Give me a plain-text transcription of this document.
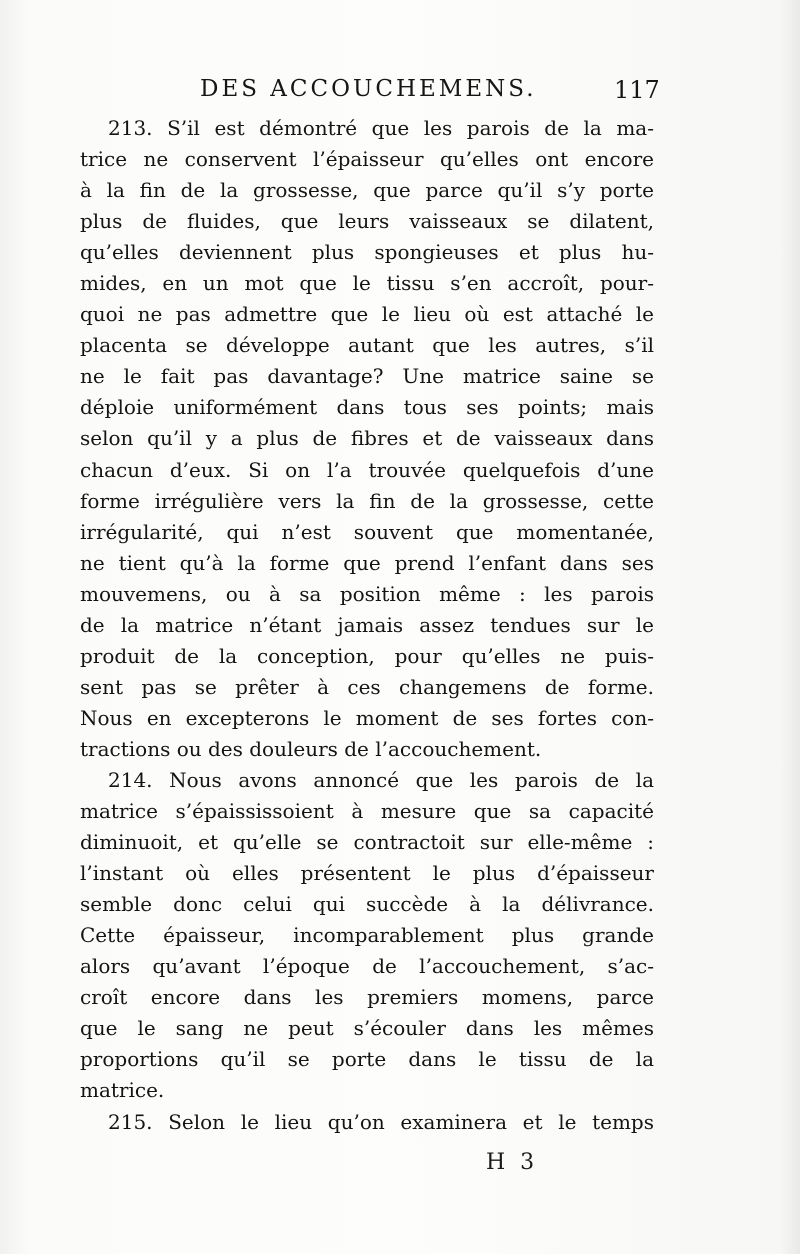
DES ACCOUCHEMENS.	117
213. S’il est démontré que les parois de la ma-
trice ne conservent l’épaisseur qu’elles ont encore
à la fin de la grossesse, que parce qu’il s’y porte
plus de fluides, que leurs vaisseaux se dilatent,
qu’elles deviennent plus spongieuses et plus hu-
mides, en un mot que le tissu s’en accroît, pour-
quoi ne pas admettre que le lieu où est attaché le
placenta se développe autant que les autres, s’il
ne le fait pas davantage? Une matrice saine se
déploie uniformément dans tous ses points; mais
selon qu’il y a plus de fibres et de vaisseaux dans
chacun d’eux. Si on l’a trouvée quelquefois d’une
forme irrégulière vers la fin de la grossesse, cette
irrégularité, qui n’est souvent que momentanée,
ne tient qu’à la forme que prend l’enfant dans ses
mouvemens, ou à sa position même : les parois
de la matrice n’étant jamais assez tendues sur le
produit de la conception, pour qu’elles ne puis-
sent pas se prêter à ces changemens de forme.
Nous en excepterons le moment de ses fortes con-
tractions ou des douleurs de l’accouchement.
214. Nous avons annoncé que les parois de la
matrice s’épaississoient à mesure que sa capacité
diminuoit, et qu’elle se contractoit sur elle-même :
l’instant où elles présentent le plus d’épaisseur
semble donc celui qui succède à la délivrance.
Cette épaisseur, incomparablement plus grande
alors qu’avant l’époque de l’accouchement, s’ac-
croît encore dans les premiers momens, parce
que le sang ne peut s’écouler dans les mêmes
proportions qu’il se porte dans le tissu de la
matrice.
215. Selon le lieu qu’on examinera et le temps
H 3
